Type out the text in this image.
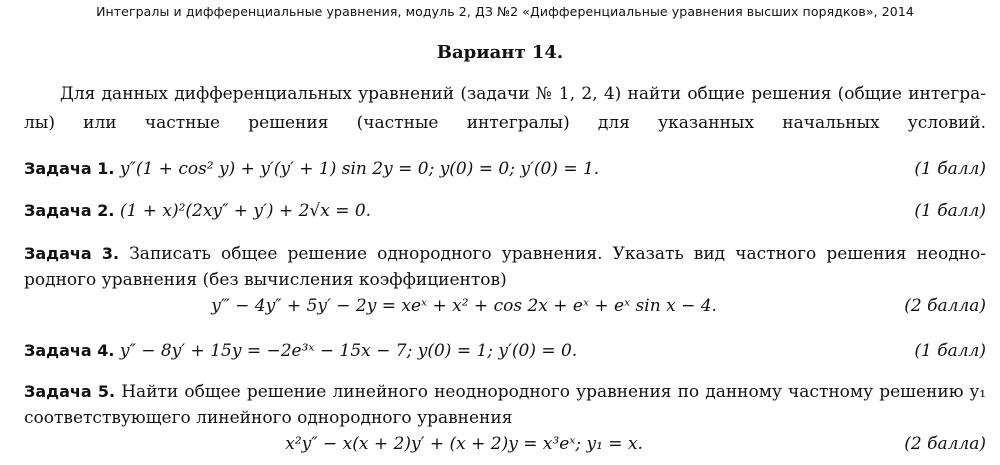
Интегралы и дифференциальные уравнения, модуль 2, ДЗ №2 «Дифференциальные уравнения высших порядков», 2014
Вариант 14.

Для данных дифференциальных уравнений (задачи № 1, 2, 4) найти общие решения (общие интегра-

лы) или частные решения (частные интегралы) для указанных начальных условий.

Задача 1. y″(1 + cos² y) + y′(y′ + 1) sin 2y = 0; y(0) = 0; y′(0) = 1.	(1 балл)
Задача 2. (1 + x)²(2xy″ + y′) + 2√x = 0.	(1 балл)

Задача 3. Записать общее решение однородного уравнения. Указать вид частного решения неодно-родного уравнения (без вычисления коэффициентов)

y‴ − 4y″ + 5y′ − 2y = xeˣ + x² + cos 2x + eˣ + eˣ sin x − 4.	(2 балла)
Задача 4. y″ − 8y′ + 15y = −2e³ˣ − 15x − 7; y(0) = 1; y′(0) = 0.	(1 балл)

Задача 5. Найти общее решение линейного неоднородного уравнения по данному частному решению y₁ соответствующего линейного однородного уравнения

x²y″ − x(x + 2)y′ + (x + 2)y = x³eˣ; y₁ = x.	(2 балла)
